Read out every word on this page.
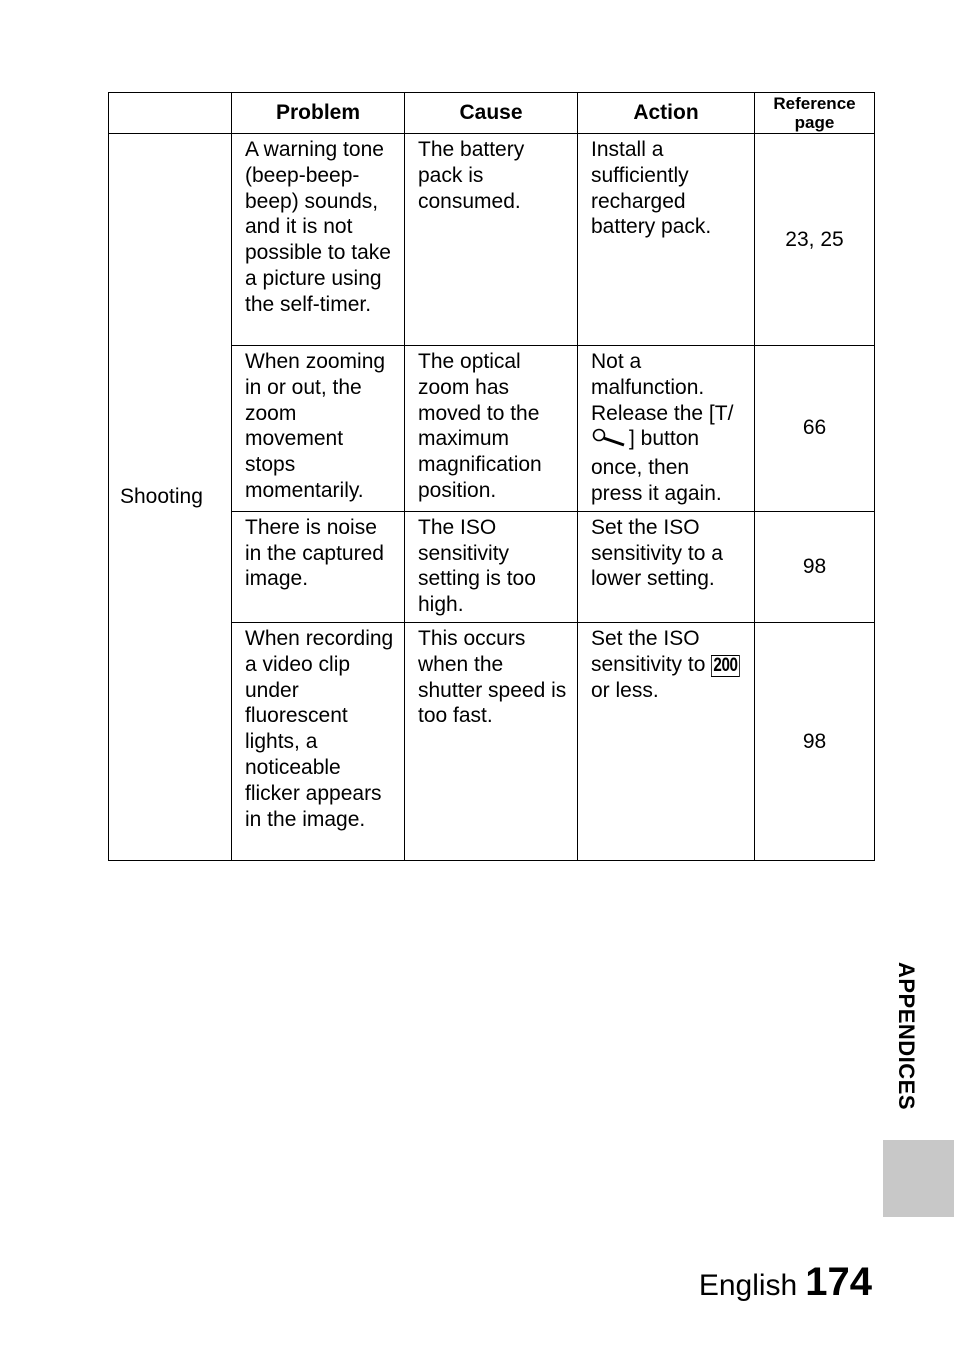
	Problem	Cause	Action	Reference
page
Shooting	A warning tone (beep-beep-beep) sounds, and it is not possible to take a picture using the self-timer.	The battery pack is consumed.	Install a sufficiently recharged battery pack.	23, 25
	When zooming in or out, the zoom movement stops momentarily.	The optical zoom has moved to the maximum magnification position.	Not a malfunction. Release the [T/] button once, then press it again.	66
	There is noise in the captured image.	The ISO sensitivity setting is too high.	Set the ISO sensitivity to a lower setting.	98
	When recording a video clip under fluorescent lights, a noticeable flicker appears in the image.	This occurs when the shutter speed is too fast.	Set the ISO sensitivity to 200 or less.	98
APPENDICES
English 174
